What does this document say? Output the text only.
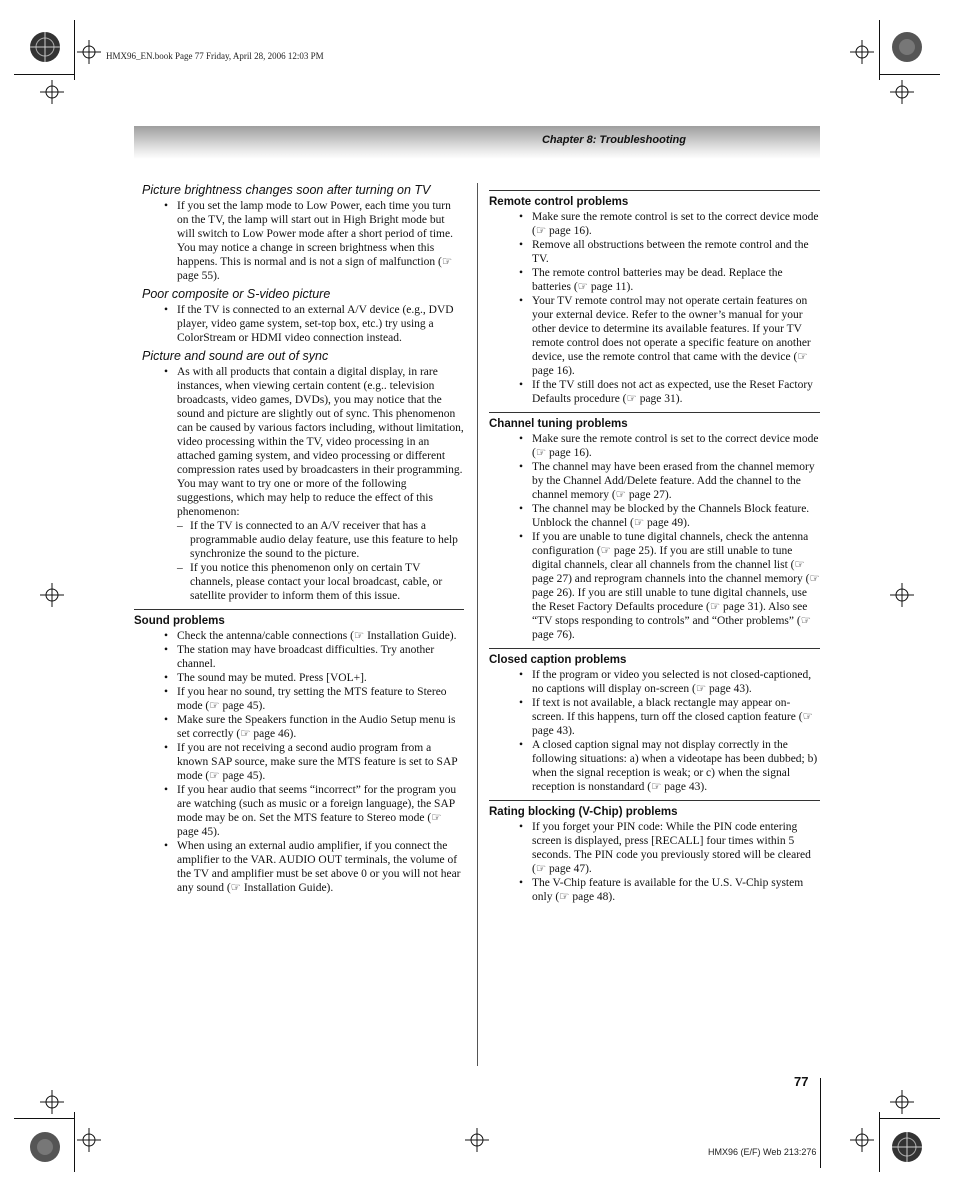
HMX96_EN.book Page 77 Friday, April 28, 2006 12:03 PM
Chapter 8: Troubleshooting
Picture brightness changes soon after turning on TV
• If you set the lamp mode to Low Power, each time you turn on the TV, the lamp will start out in High Bright mode but will switch to Low Power mode after a short period of time. You may notice a change in screen brightness when this happens. This is normal and is not a sign of malfunction (☞ page 55).
Poor composite or S-video picture
• If the TV is connected to an external A/V device (e.g., DVD player, video game system, set-top box, etc.) try using a ColorStream or HDMI video connection instead.
Picture and sound are out of sync
• As with all products that contain a digital display, in rare instances, when viewing certain content (e.g.. television broadcasts, video games, DVDs), you may notice that the sound and picture are slightly out of sync. This phenomenon can be caused by various factors including, without limitation, video processing within the TV, video processing in an attached gaming system, and video processing or different compression rates used by broadcasters in their programming. You may want to try one or more of the following suggestions, which may help to reduce the effect of this phenomenon:
– If the TV is connected to an A/V receiver that has a programmable audio delay feature, use this feature to help synchronize the sound to the picture.
– If you notice this phenomenon only on certain TV channels, please contact your local broadcast, cable, or satellite provider to inform them of this issue.
Sound problems
• Check the antenna/cable connections (☞ Installation Guide).
• The station may have broadcast difficulties. Try another channel.
• The sound may be muted. Press [VOL+].
• If you hear no sound, try setting the MTS feature to Stereo mode (☞ page 45).
• Make sure the Speakers function in the Audio Setup menu is set correctly (☞ page 46).
• If you are not receiving a second audio program from a known SAP source, make sure the MTS feature is set to SAP mode (☞ page 45).
• If you hear audio that seems “incorrect” for the program you are watching (such as music or a foreign language), the SAP mode may be on. Set the MTS feature to Stereo mode (☞ page 45).
• When using an external audio amplifier, if you connect the amplifier to the VAR. AUDIO OUT terminals, the volume of the TV and amplifier must be set above 0 or you will not hear any sound (☞ Installation Guide).
Remote control problems
• Make sure the remote control is set to the correct device mode (☞ page 16).
• Remove all obstructions between the remote control and the TV.
• The remote control batteries may be dead. Replace the batteries (☞ page 11).
• Your TV remote control may not operate certain features on your external device. Refer to the owner’s manual for your other device to determine its available features. If your TV remote control does not operate a specific feature on another device, use the remote control that came with the device (☞ page 16).
• If the TV still does not act as expected, use the Reset Factory Defaults procedure (☞ page 31).
Channel tuning problems
• Make sure the remote control is set to the correct device mode (☞ page 16).
• The channel may have been erased from the channel memory by the Channel Add/Delete feature. Add the channel to the channel memory (☞ page 27).
• The channel may be blocked by the Channels Block feature. Unblock the channel (☞ page 49).
• If you are unable to tune digital channels, check the antenna configuration (☞ page 25). If you are still unable to tune digital channels, clear all channels from the channel list (☞ page 27) and reprogram channels into the channel memory (☞ page 26). If you are still unable to tune digital channels, use the Reset Factory Defaults procedure (☞ page 31). Also see “TV stops responding to controls” and “Other problems” (☞ page 76).
Closed caption problems
• If the program or video you selected is not closed-captioned, no captions will display on-screen (☞ page 43).
• If text is not available, a black rectangle may appear on-screen. If this happens, turn off the closed caption feature (☞ page 43).
• A closed caption signal may not display correctly in the following situations: a) when a videotape has been dubbed; b) when the signal reception is weak; or c) when the signal reception is nonstandard (☞ page 43).
Rating blocking (V-Chip) problems
• If you forget your PIN code: While the PIN code entering screen is displayed, press [RECALL] four times within 5 seconds. The PIN code you previously stored will be cleared (☞ page 47).
• The V-Chip feature is available for the U.S. V-Chip system only (☞ page 48).
77
HMX96 (E/F) Web 213:276
